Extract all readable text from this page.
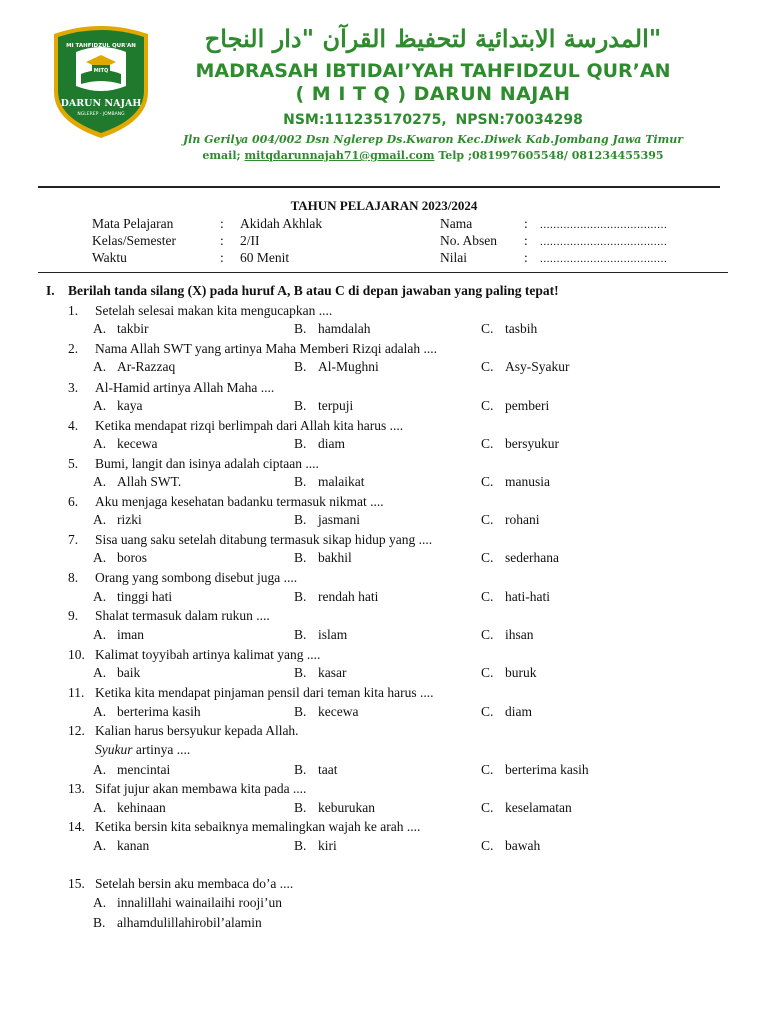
MITQ
MI TAHFIDZUL QUR'AN
DARUN NAJAH
NGLEREP - JOMBANG
"المدرسة الابتدائية لتحفيظ القرآن "دار النجاح
MADRASAH IBTIDAI’YAH TAHFIDZUL QUR’AN
( M I T Q ) DARUN NAJAH
NSM:111235170275, NPSN:70034298
Jln Gerilya 004/002 Dsn Nglerep Ds.Kwaron Kec.Diwek Kab.Jombang Jawa Timur
email; mitqdarunnajah71@gmail.com Telp ;081997605548/ 081234455395
TAHUN PELAJARAN 2023/2024
Mata Pelajaran	: Akidah Akhlak
Kelas/Semester	: 2/II
Waktu	: 60 Menit
Nama	: ......................................
No. Absen : ......................................
Nilai	: ......................................
I. Berilah tanda silang (X) pada huruf A, B atau C di depan jawaban yang paling tepat!
1. Setelah selesai makan kita mengucapkan ....
A. takbir	B. hamdalah	C. tasbih
2. Nama Allah SWT yang artinya Maha Memberi Rizqi adalah ....
A. Ar-Razzaq	B. Al-Mughni	C. Asy-Syakur
3. Al-Hamid artinya Allah Maha ....
A. kaya	B. terpuji	C. pemberi
4. Ketika mendapat rizqi berlimpah dari Allah kita harus ....
A. kecewa	B. diam	C. bersyukur
5. Bumi, langit dan isinya adalah ciptaan ....
A. Allah SWT.	B. malaikat	C. manusia
6. Aku menjaga kesehatan badanku termasuk nikmat ....
A. rizki	B. jasmani	C. rohani
7. Sisa uang saku setelah ditabung termasuk sikap hidup yang ....
A. boros	B. bakhil	C. sederhana
8. Orang yang sombong disebut juga ....
A. tinggi hati	B. rendah hati	C. hati-hati
9. Shalat termasuk dalam rukun ....
A. iman	B. islam	C. ihsan
10. Kalimat toyyibah artinya kalimat yang ....
A. baik	B. kasar	C. buruk
11. Ketika kita mendapat pinjaman pensil dari teman kita harus ....
A. berterima kasih	B. kecewa	C. diam
12. Kalian harus bersyukur kepada Allah.
Syukur artinya ....
A. mencintai	B. taat	C. berterima kasih
13. Sifat jujur akan membawa kita pada ....
A. kehinaan	B. keburukan	C. keselamatan
14. Ketika bersin kita sebaiknya memalingkan wajah ke arah ....
A. kanan	B. kiri	C. bawah
15. Setelah bersin aku membaca do’a ....
A. innalillahi wainailaihi rooji’un
B. alhamdulillahirobil’alamin
